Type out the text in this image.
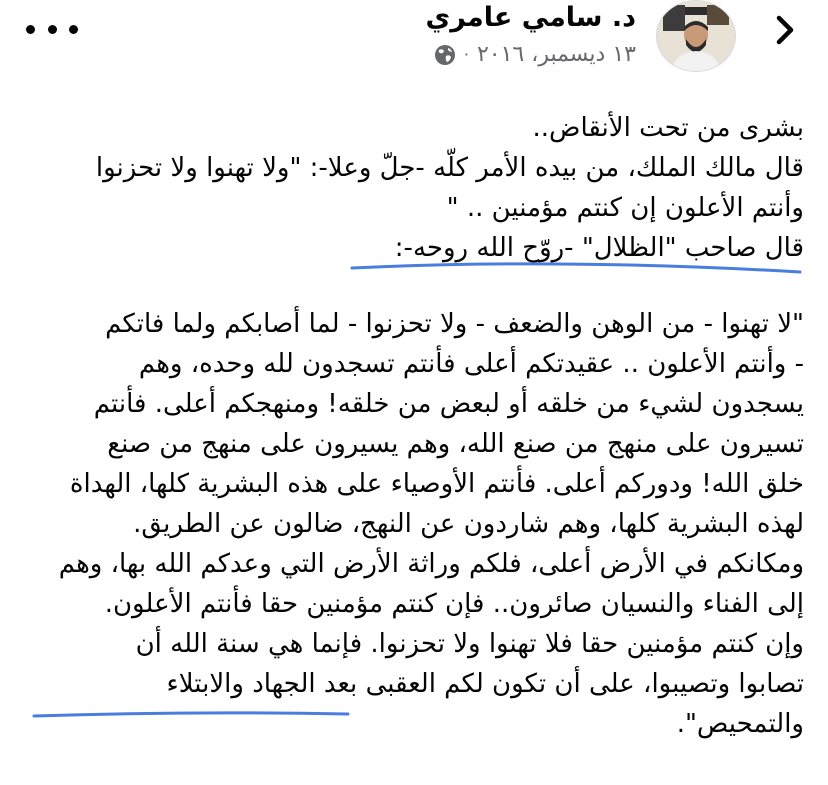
د. سامي عامري
١٣ ديسمبر، ٢٠١٦
·

بشرى من تحت الأنقاض..

قال مالك الملك، من بيده الأمر كلّه -جلّ وعلا-: "ولا تهنوا ولا تحزنوا

وأنتم الأعلون إن كنتم مؤمنين .. "

قال صاحب "الظلال" -روّح الله روحه-:

"لا تهنوا - من الوهن والضعف - ولا تحزنوا - لما أصابكم ولما فاتكم

- وأنتم الأعلون .. عقيدتكم أعلى فأنتم تسجدون لله وحده، وهم

يسجدون لشيء من خلقه أو لبعض من خلقه! ومنهجكم أعلى. فأنتم

تسيرون على منهج من صنع الله، وهم يسيرون على منهج من صنع

خلق الله! ودوركم أعلى. فأنتم الأوصياء على هذه البشرية كلها، الهداة

لهذه البشرية كلها، وهم شاردون عن النهج، ضالون عن الطريق.

ومكانكم في الأرض أعلى، فلكم وراثة الأرض التي وعدكم الله بها، وهم

إلى الفناء والنسيان صائرون.. فإن كنتم مؤمنين حقا فأنتم الأعلون.

وإن كنتم مؤمنين حقا فلا تهنوا ولا تحزنوا. فإنما هي سنة الله أن

تصابوا وتصيبوا، على أن تكون لكم العقبى بعد الجهاد والابتلاء

والتمحيص".
